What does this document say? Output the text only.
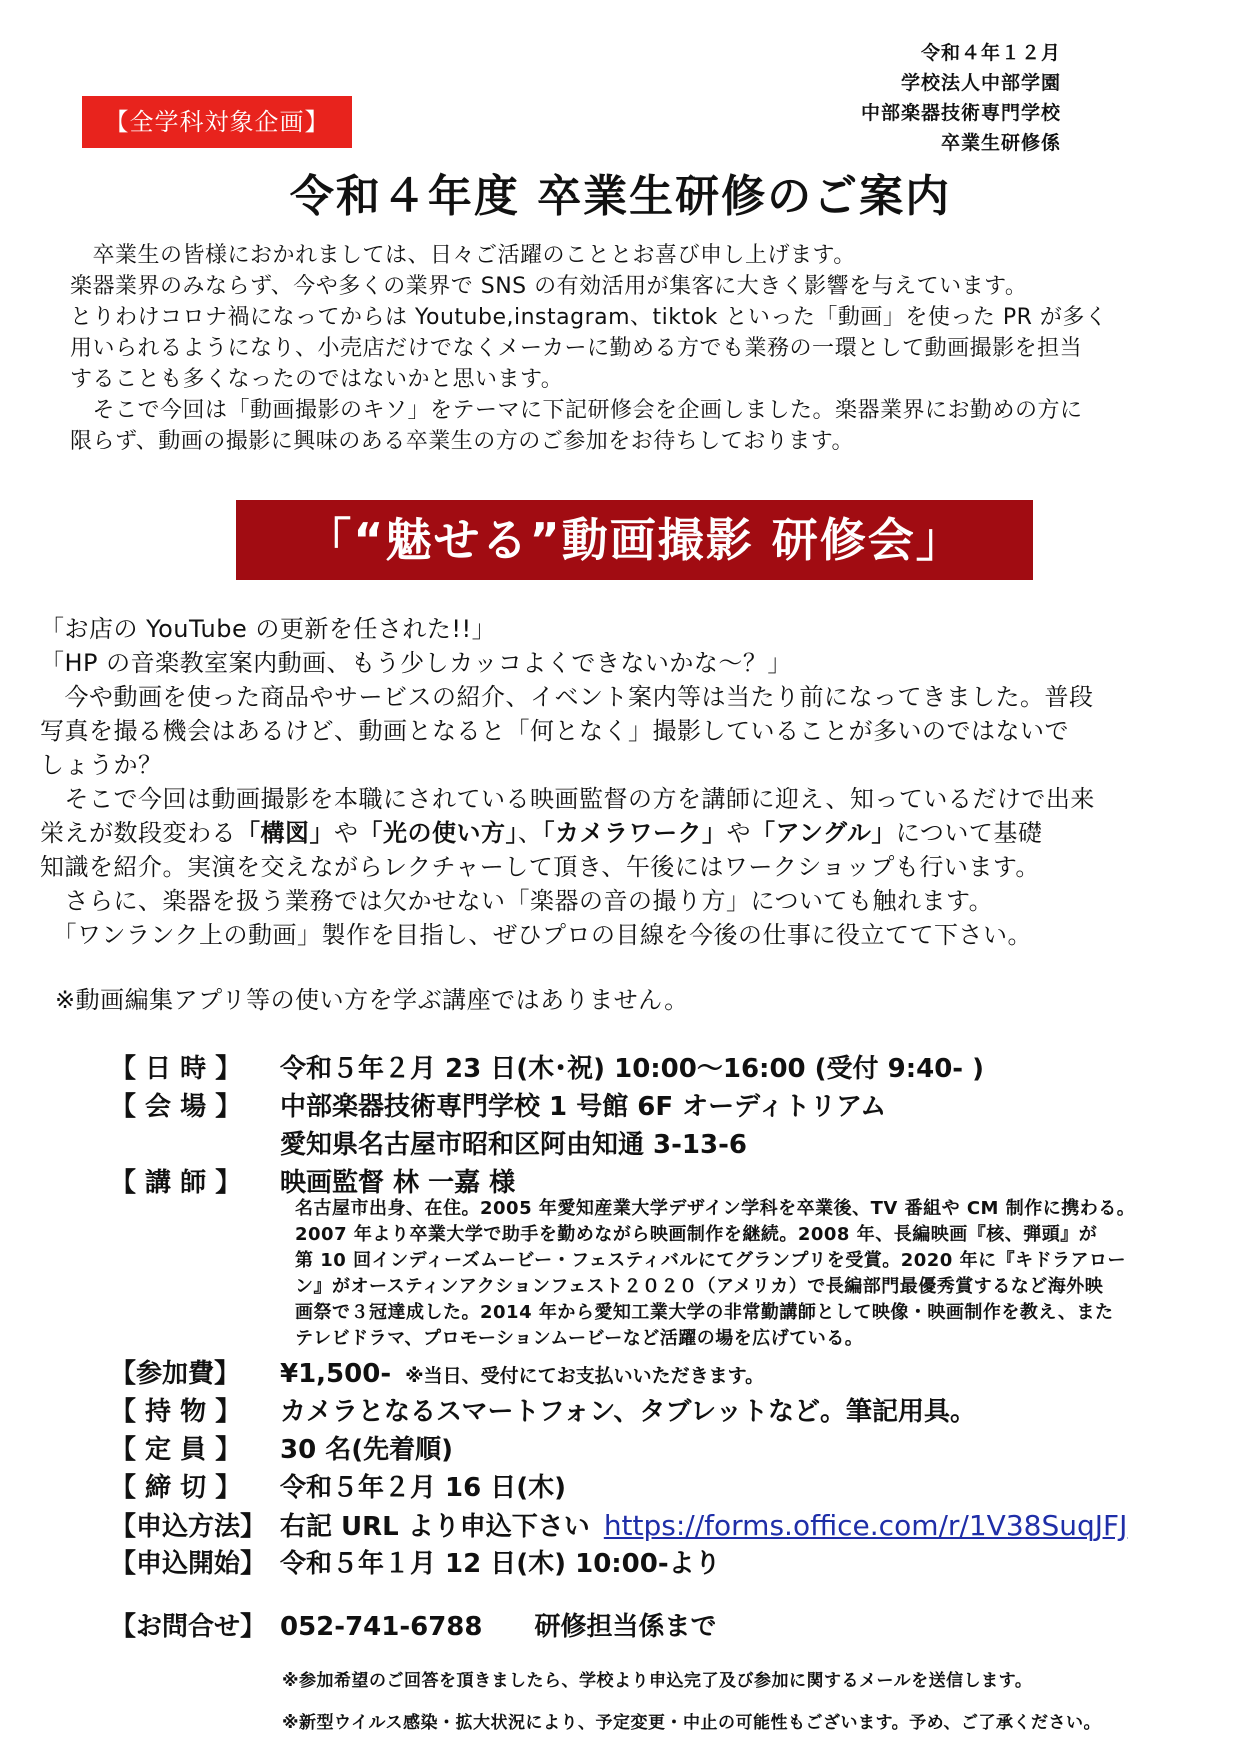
令和４年１２月
学校法人中部学園
中部楽器技術専門学校
卒業生研修係
【全学科対象企画】
令和４年度 卒業生研修のご案内
　卒業生の皆様におかれましては、日々ご活躍のこととお喜び申し上げます。
楽器業界のみならず、今や多くの業界で SNS の有効活用が集客に大きく影響を与えています。
とりわけコロナ禍になってからは Youtube,instagram、tiktok といった「動画」を使った PR が多く
用いられるようになり、小売店だけでなくメーカーに勤める方でも業務の一環として動画撮影を担当
することも多くなったのではないかと思います。
　そこで今回は「動画撮影のキソ」をテーマに下記研修会を企画しました。楽器業界にお勤めの方に
限らず、動画の撮影に興味のある卒業生の方のご参加をお待ちしております。
「“魅せる”動画撮影 研修会」
「お店の YouTube の更新を任された!!」
「HP の音楽教室案内動画、もう少しカッコよくできないかな～？」
　今や動画を使った商品やサービスの紹介、イベント案内等は当たり前になってきました。普段
写真を撮る機会はあるけど、動画となると「何となく」撮影していることが多いのではないで
しょうか？
　そこで今回は動画撮影を本職にされている映画監督の方を講師に迎え、知っているだけで出来
栄えが数段変わる「構図」や「光の使い方」、「カメラワーク」や「アングル」について基礎
知識を紹介。実演を交えながらレクチャーして頂き、午後にはワークショップも行います。
　さらに、楽器を扱う業務では欠かせない「楽器の音の撮り方」についても触れます。
　「ワンランク上の動画」製作を目指し、ぜひプロの目線を今後の仕事に役立てて下さい。
※動画編集アプリ等の使い方を学ぶ講座ではありません。
【 日 時 】 令和５年２月 23 日(木･祝) 10:00～16:00 (受付 9:40- )
【 会 場 】 中部楽器技術専門学校 1 号館 6F オーディトリアム
愛知県名古屋市昭和区阿由知通 3-13-6
【 講 師 】 映画監督 林 一嘉 様
名古屋市出身、在住。2005 年愛知産業大学デザイン学科を卒業後、TV 番組や CM 制作に携わる。
2007 年より卒業大学で助手を勤めながら映画制作を継続。2008 年、長編映画『核、弾頭』が
第 10 回インディーズムービー・フェスティバルにてグランプリを受賞。2020 年に『キドラアロー
ン』がオースティンアクションフェスト２０２０（アメリカ）で長編部門最優秀賞するなど海外映
画祭で３冠達成した。2014 年から愛知工業大学の非常勤講師として映像・映画制作を教え、また
テレビドラマ、プロモーションムービーなど活躍の場を広げている。
【参加費】 ¥1,500- ※当日、受付にてお支払いいただきます。
【 持 物 】 カメラとなるスマートフォン、タブレットなど。筆記用具。
【 定 員 】 30 名(先着順)
【 締 切 】 令和５年２月 16 日(木)
【申込方法】 右記 URL より申込下さい https://forms.office.com/r/1V38SuqJFJ
【申込開始】 令和５年１月 12 日(木) 10:00-より
【お問合せ】 052-741-6788　　研修担当係まで
※参加希望のご回答を頂きましたら、学校より申込完了及び参加に関するメールを送信します。
※新型ウイルス感染・拡大状況により、予定変更・中止の可能性もございます。予め、ご了承ください。
